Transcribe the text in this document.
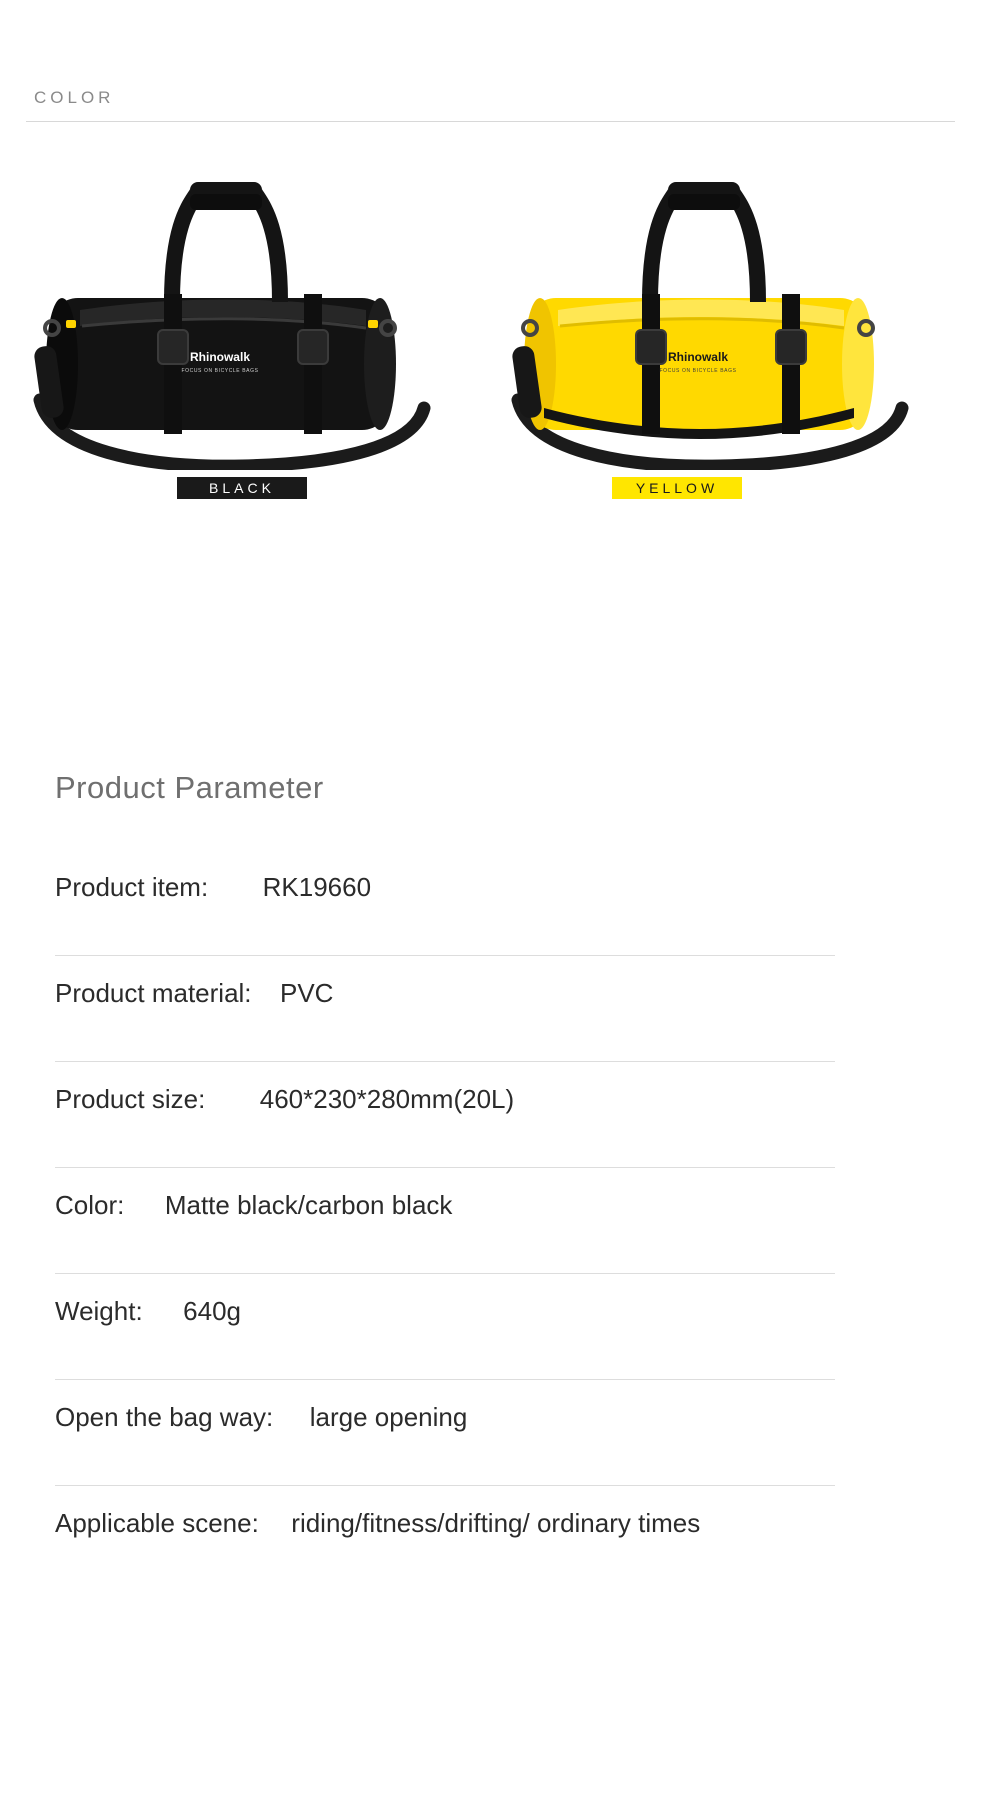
COLOR
Rhinowalk
FOCUS ON BICYCLE BAGS
BLACK
Rhinowalk
FOCUS ON BICYCLE BAGS
YELLOW
Product Parameter
Product item: RK19660
Product material: PVC
Product size: 460*230*280mm(20L)
Color: Matte black/carbon black
Weight: 640g
Open the bag way: large opening
Applicable scene: riding/fitness/drifting/ ordinary times
